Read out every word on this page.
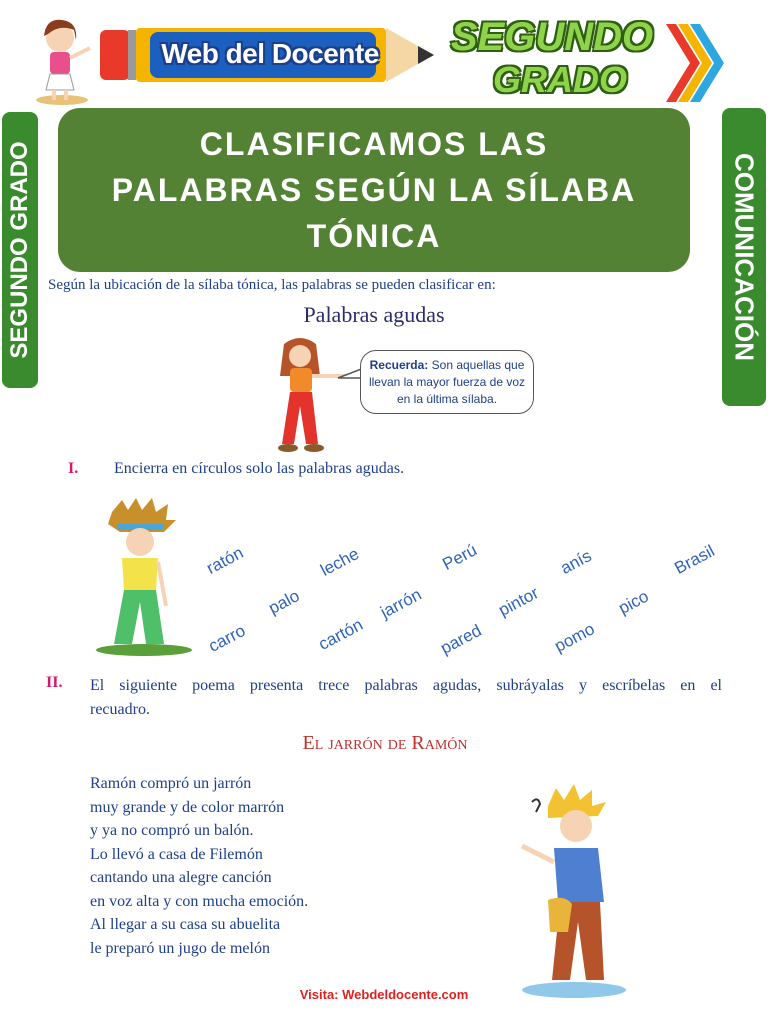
Web del Docente	SEGUNDO
GRADO
SEGUNDO GRADO	COMUNICACIÓN
CLASIFICAMOS LAS
PALABRAS SEGÚN LA SÍLABA
TÓNICA
Según la ubicación de la sílaba tónica, las palabras se pueden clasificar en:
Palabras agudas
Recuerda: Son aquellas que llevan la mayor fuerza de voz en la última sílaba.
I. Encierra en círculos solo las palabras agudas.
ratón
carro
palo
leche
cartón
jarrón
Perú
pared
pintor
anís
pomo
pico
Brasil
II. El siguiente poema presenta trece palabras agudas, subráyalas y escríbelas en el
recuadro.
El jarrón de Ramón
Ramón compró un jarrón
muy grande y de color marrón
y ya no compró un balón.
Lo llevó a casa de Filemón
cantando una alegre canción
en voz alta y con mucha emoción.
Al llegar a su casa su abuelita
le preparó un jugo de melón
Visita: Webdeldocente.com
